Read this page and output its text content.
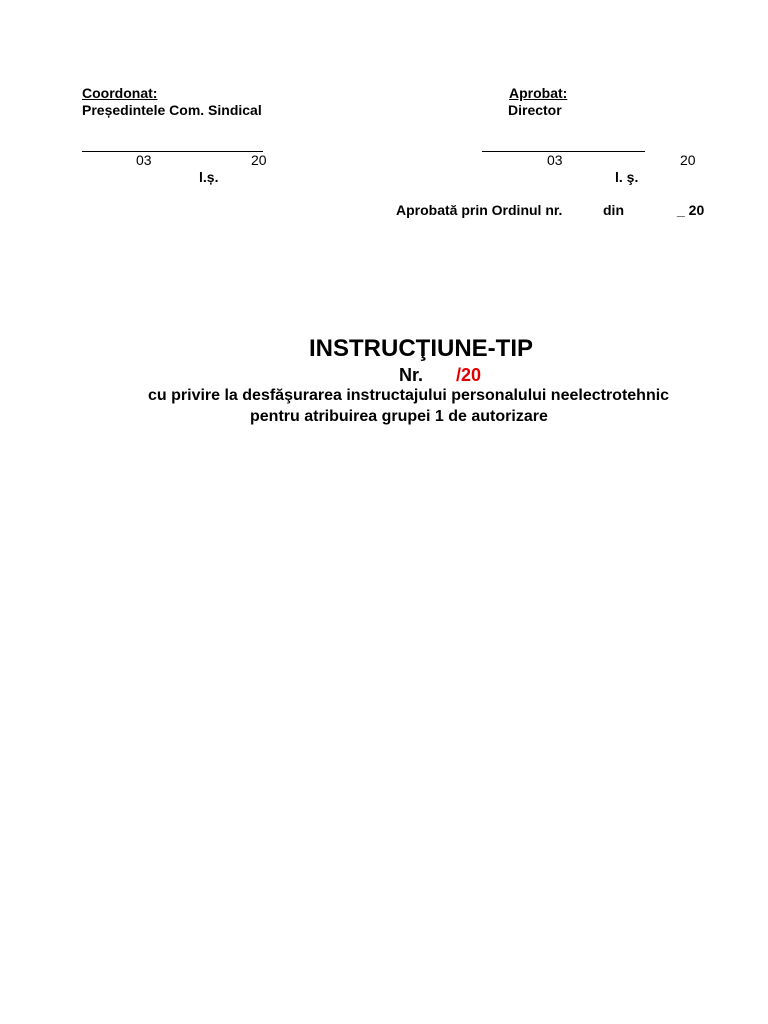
Coordonat:
Președintele Com. Sindical
03	20
l.ș.
Aprobat:
Director
03	20
l. ş.
Aprobată prin Ordinul nr.	din	_ 20
INSTRUCŢIUNE-TIP
Nr. /20
cu privire la desfăşurarea instructajului personalului neelectrotehnic
pentru atribuirea grupei 1 de autorizare
